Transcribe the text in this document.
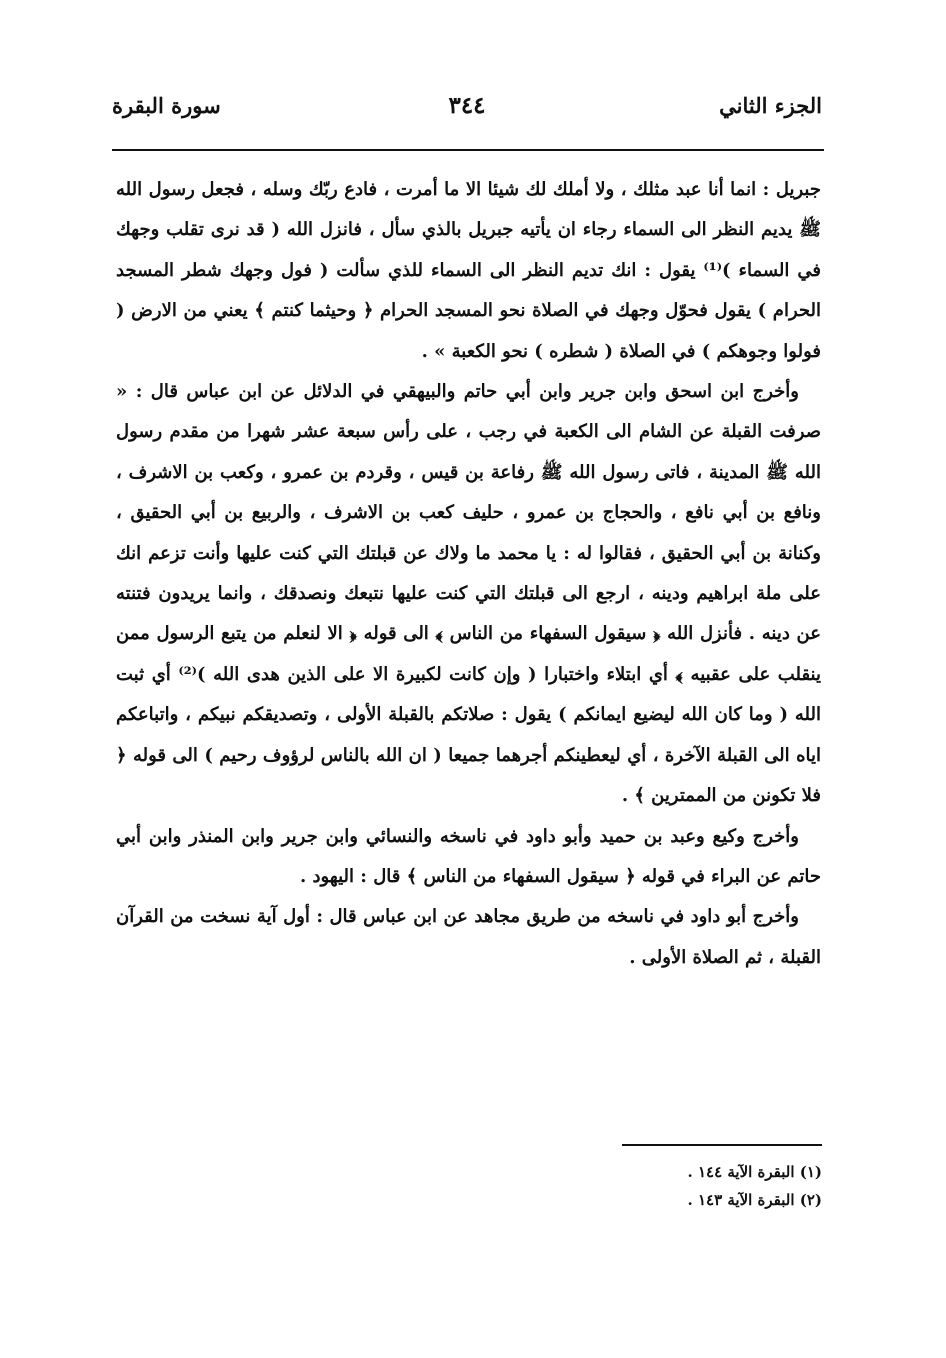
الجزء الثاني
٣٤٤
سورة البقرة

جبريل : انما أنا عبد مثلك ، ولا أملك لك شيئا الا ما أمرت ، فادع ربّك وسله ، فجعل رسول الله ﷺ يديم النظر الى السماء رجاء ان يأتيه جبريل بالذي سأل ، فانزل الله ( قد نرى تقلب وجهك في السماء )⁽¹⁾ يقول : انك تديم النظر الى السماء للذي سألت ( فول وجهك شطر المسجد الحرام ) يقول فحوّل وجهك في الصلاة نحو المسجد الحرام ﴿ وحيثما كنتم ﴾ يعني من الارض ( فولوا وجوهكم ) في الصلاة ( شطره ) نحو الكعبة » .

وأخرج ابن اسحق وابن جرير وابن أبي حاتم والبيهقي في الدلائل عن ابن عباس قال : « صرفت القبلة عن الشام الى الكعبة في رجب ، على رأس سبعة عشر شهرا من مقدم رسول الله ﷺ المدينة ، فاتى رسول الله ﷺ رفاعة بن قيس ، وقردم بن عمرو ، وكعب بن الاشرف ، ونافع بن أبي نافع ، والحجاج بن عمرو ، حليف كعب بن الاشرف ، والربيع بن أبي الحقيق ، وكنانة بن أبي الحقيق ، فقالوا له : يا محمد ما ولاك عن قبلتك التي كنت عليها وأنت تزعم انك على ملة ابراهيم ودينه ، ارجع الى قبلتك التي كنت عليها نتبعك ونصدقك ، وانما يريدون فتنته عن دينه . فأنزل الله ﴿ سيقول السفهاء من الناس ﴾ الى قوله ﴿ الا لنعلم من يتبع الرسول ممن ينقلب على عقبيه ﴾ أي ابتلاء واختبارا ( وإن كانت لكبيرة الا على الذين هدى الله )⁽²⁾ أي ثبت الله ( وما كان الله ليضيع ايمانكم ) يقول : صلاتكم بالقبلة الأولى ، وتصديقكم نبيكم ، واتباعكم اياه الى القبلة الآخرة ، أي ليعطينكم أجرهما جميعا ( ان الله بالناس لرؤوف رحيم ) الى قوله ﴿ فلا تكونن من الممترين ﴾ .

وأخرج وكيع وعبد بن حميد وأبو داود في ناسخه والنسائي وابن جرير وابن المنذر وابن أبي حاتم عن البراء في قوله ﴿ سيقول السفهاء من الناس ﴾ قال : اليهود .

وأخرج أبو داود في ناسخه من طريق مجاهد عن ابن عباس قال : أول آية نسخت من القرآن القبلة ، ثم الصلاة الأولى .

(١) البقرة الآية ١٤٤ .
(٢) البقرة الآية ١٤٣ .
